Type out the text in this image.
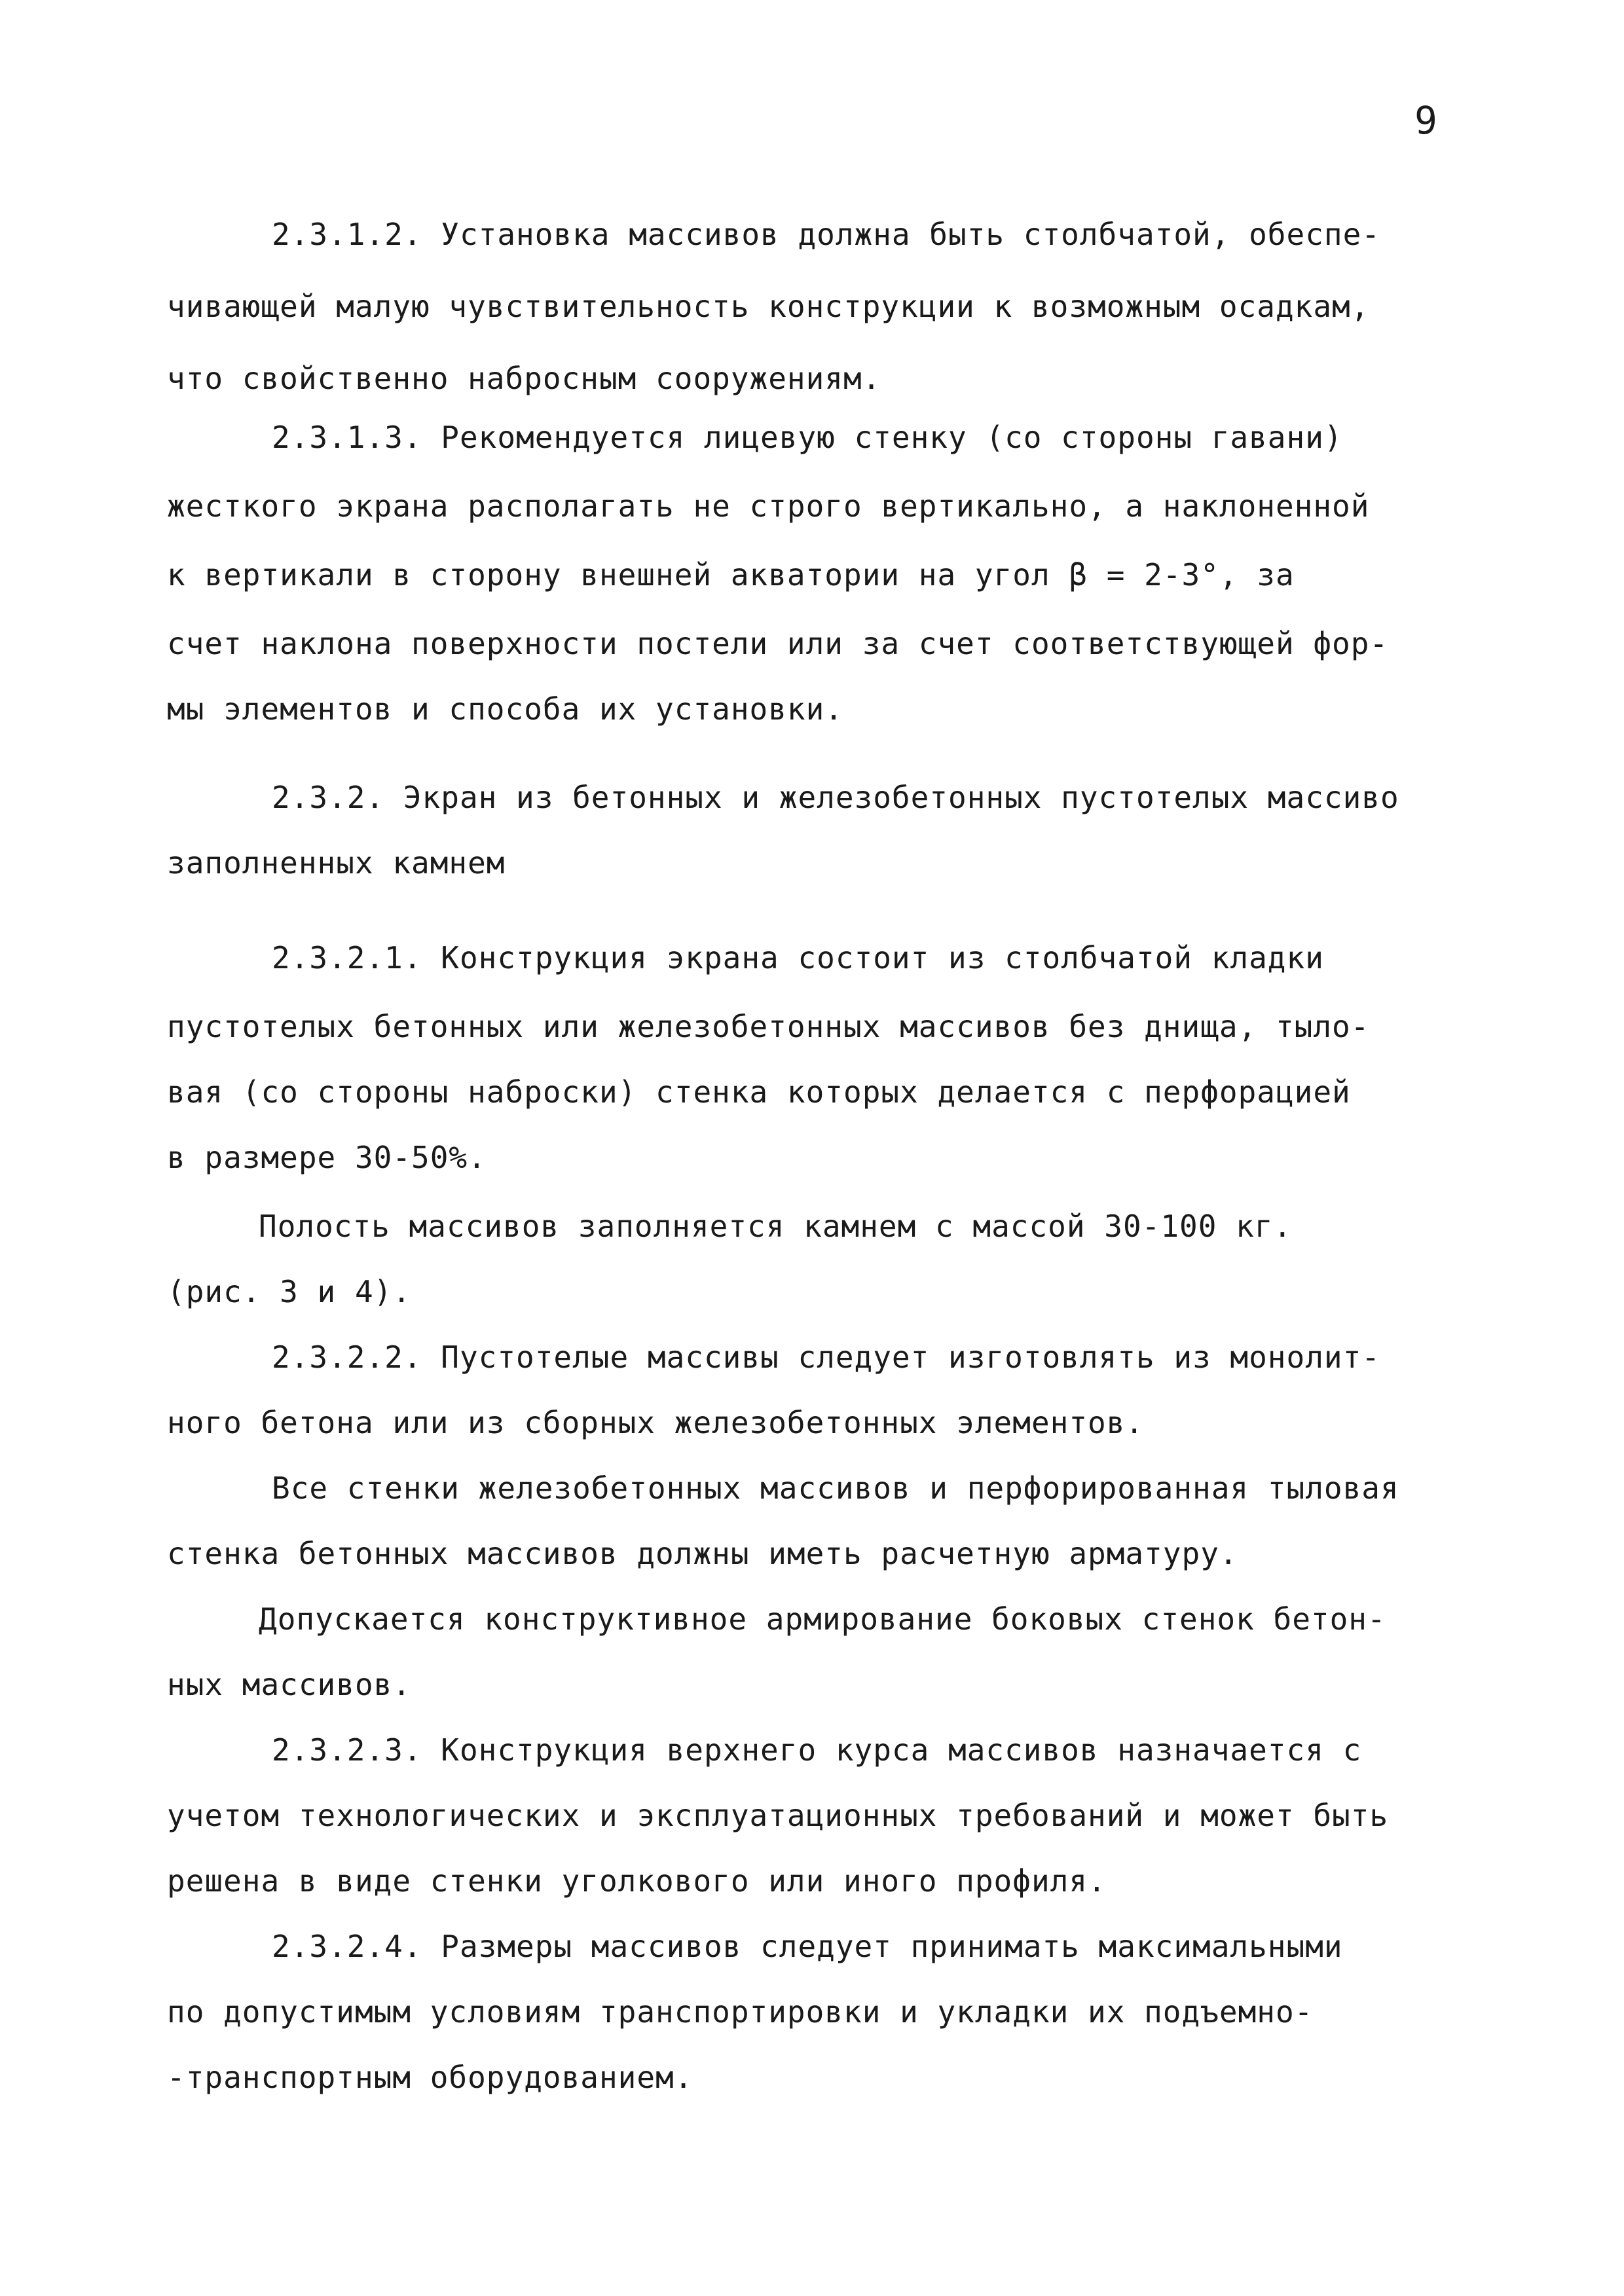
9
2.3.1.2. Установка массивов должна быть столбчатой, обеспе-
чивающей малую чувствительность конструкции к возможным осадкам,
что свойственно набросным сооружениям.
2.3.1.3. Рекомендуется лицевую стенку (со стороны гавани)
жесткого экрана располагать не строго вертикально, а наклоненной
к вертикали в сторону внешней акватории на угол β = 2-3°, за
счет наклона поверхности постели или за счет соответствующей фор-
мы элементов и способа их установки.
2.3.2. Экран из бетонных и железобетонных пустотелых массиво
заполненных камнем
2.3.2.1. Конструкция экрана состоит из столбчатой кладки
пустотелых бетонных или железобетонных массивов без днища, тыло-
вая (со стороны наброски) стенка которых делается с перфорацией
в размере 30-50%.
Полость массивов заполняется камнем с массой 30-100 кг.
(рис. 3 и 4).
2.3.2.2. Пустотелые массивы следует изготовлять из монолит-
ного бетона или из сборных железобетонных элементов.
Все стенки железобетонных массивов и перфорированная тыловая
стенка бетонных массивов должны иметь расчетную арматуру.
Допускается конструктивное армирование боковых стенок бетон-
ных массивов.
2.3.2.3. Конструкция верхнего курса массивов назначается с
учетом технологических и эксплуатационных требований и может быть
решена в виде стенки уголкового или иного профиля.
2.3.2.4. Размеры массивов следует принимать максимальными
по допустимым условиям транспортировки и укладки их подъемно-
-транспортным оборудованием.
